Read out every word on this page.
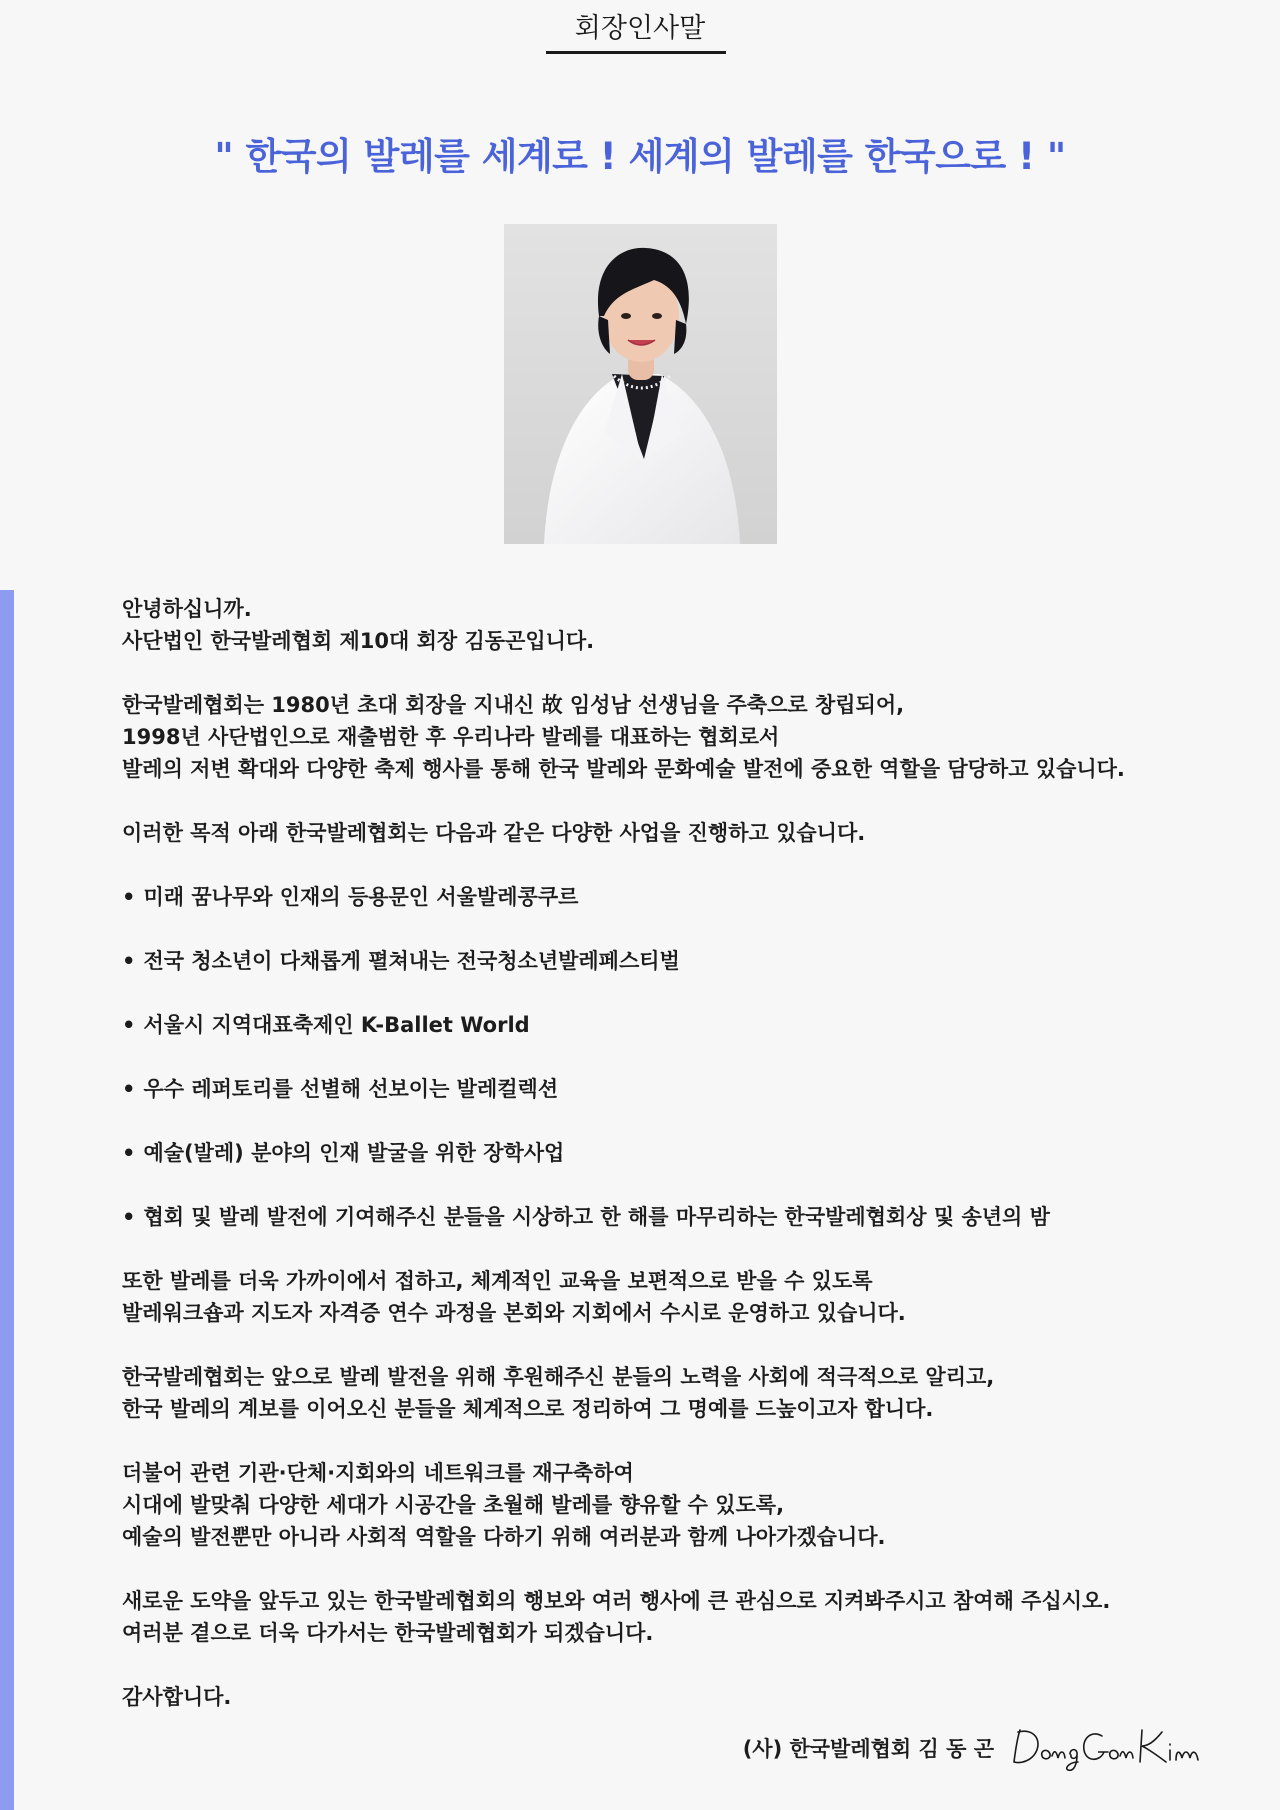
회장인사말
" 한국의 발레를 세계로 ! 세계의 발레를 한국으로 ! "
안녕하십니까.
사단법인 한국발레협회 제10대 회장 김동곤입니다.
한국발레협회는 1980년 초대 회장을 지내신 故 임성남 선생님을 주축으로 창립되어,
1998년 사단법인으로 재출범한 후 우리나라 발레를 대표하는 협회로서
발레의 저변 확대와 다양한 축제 행사를 통해 한국 발레와 문화예술 발전에 중요한 역할을 담당하고 있습니다.
이러한 목적 아래 한국발레협회는 다음과 같은 다양한 사업을 진행하고 있습니다.
• 미래 꿈나무와 인재의 등용문인 서울발레콩쿠르
• 전국 청소년이 다채롭게 펼쳐내는 전국청소년발레페스티벌
• 서울시 지역대표축제인 K-Ballet World
• 우수 레퍼토리를 선별해 선보이는 발레컬렉션
• 예술(발레) 분야의 인재 발굴을 위한 장학사업
• 협회 및 발레 발전에 기여해주신 분들을 시상하고 한 해를 마무리하는 한국발레협회상 및 송년의 밤
또한 발레를 더욱 가까이에서 접하고, 체계적인 교육을 보편적으로 받을 수 있도록
발레워크숍과 지도자 자격증 연수 과정을 본회와 지회에서 수시로 운영하고 있습니다.
한국발레협회는 앞으로 발레 발전을 위해 후원해주신 분들의 노력을 사회에 적극적으로 알리고,
한국 발레의 계보를 이어오신 분들을 체계적으로 정리하여 그 명예를 드높이고자 합니다.
더불어 관련 기관·단체·지회와의 네트워크를 재구축하여
시대에 발맞춰 다양한 세대가 시공간을 초월해 발레를 향유할 수 있도록,
예술의 발전뿐만 아니라 사회적 역할을 다하기 위해 여러분과 함께 나아가겠습니다.
새로운 도약을 앞두고 있는 한국발레협회의 행보와 여러 행사에 큰 관심으로 지켜봐주시고 참여해 주십시오.
여러분 곁으로 더욱 다가서는 한국발레협회가 되겠습니다.
감사합니다.
(사) 한국발레협회 김 동 곤
